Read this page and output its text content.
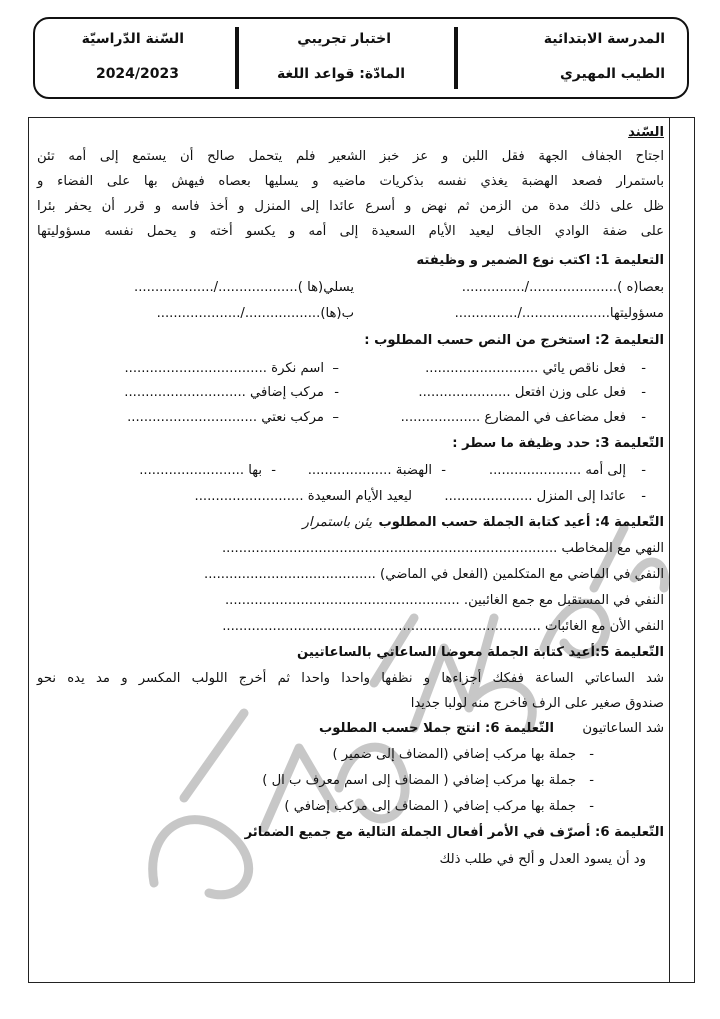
المدرسة الابتدائية
الطيب المهيري
اختبار تجريبي
المادّة: قواعد اللغة
السّنة الدّراسيّة
2024/2023
السّند
اجتاح الجفاف الجهة فقل اللبن و عز خبز الشعير فلم يتحمل صالح أن يستمع إلى أمه تئن
باستمرار فصعد الهضبة يغذي نفسه بذكريات ماضيه و يسليها بعصاه فيهش بها على الفضاء و
ظل على ذلك مدة من الزمن ثم نهض و أسرع عائدا إلى المنزل و أخذ فاسه و قرر أن يحفر بئرا
على ضفة الوادي الجاف ليعيد الأيام السعيدة إلى أمه و يكسو أخته و يحمل نفسه مسؤوليتها
التعليمة 1: اكتب نوع الضمير و وظيفته
بعصا(ه )...................../...............
يسلي(ها ).................../...................
مسؤوليتها...................../...............
ب(ها)................../....................
التعليمة 2: استخرج من النص حسب المطلوب :
-
فعل ناقص يائي ...........................
–
اسم نكرة ..................................
-
فعل على وزن افتعل ......................
-
مركب إضافي .............................
-
فعل مضاعف في المضارع ...................
–
مركب نعتي ...............................
التّعليمة 3: حدد وظيفة ما سطر :
-
إلى أمه ......................
-
الهضبة ....................
-
بها .........................
-
عائدا إلى المنزل .....................
ليعيد الأيام السعيدة ..........................
التّعليمة 4: أعيد كتابة الجملة حسب المطلوب
يئن باستمرار
النهي مع المخاطب ................................................................................
النفي في الماضي مع المتكلمين (الفعل في الماضي) .........................................
النفي في المستقبل مع جمع الغائبين. ........................................................
النفي الأن مع الغائبات ............................................................................
التّعليمة 5:أعيد كتابة الجملة معوضا الساعاتي بالساعاتيين
شد الساعاتي الساعة ففكك أجزاءها و نظفها واحدا واحدا ثم أخرج اللولب المكسر و مد يده نحو
صندوق صغير على الرف فاخرج منه لولبا جديدا
شد الساعاتيون
التّعليمة 6: انتج جملا حسب المطلوب
-
جملة بها مركب إضافي (المضاف إلى ضمير )
-
جملة بها مركب إضافي ( المضاف إلى اسم معرف ب ال )
-
جملة بها مركب إضافي ( المضاف إلى مركب إضافي )
التّعليمة 6: أصرّف في الأمر أفعال الجملة التالية مع جميع الضمائر
ود أن يسود العدل و ألح في طلب ذلك
